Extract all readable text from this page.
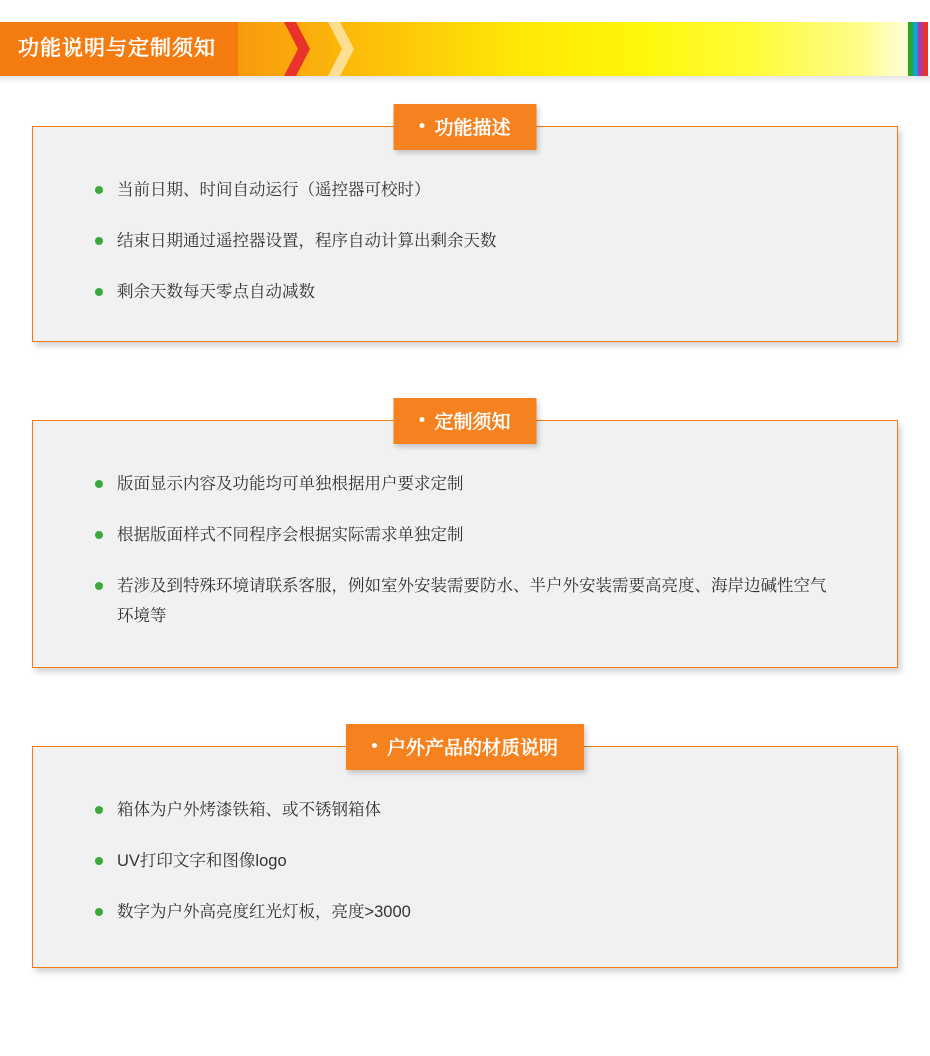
功能说明与定制须知
功能描述
当前日期、时间自动运行（遥控器可校时）
结束日期通过遥控器设置，程序自动计算出剩余天数
剩余天数每天零点自动减数
定制须知
版面显示内容及功能均可单独根据用户要求定制
根据版面样式不同程序会根据实际需求单独定制
若涉及到特殊环境请联系客服，例如室外安装需要防水、半户外安装需要高亮度、海岸边碱性空气环境等
户外产品的材质说明
箱体为户外烤漆铁箱、或不锈钢箱体
UV打印文字和图像logo
数字为户外高亮度红光灯板，亮度>3000
